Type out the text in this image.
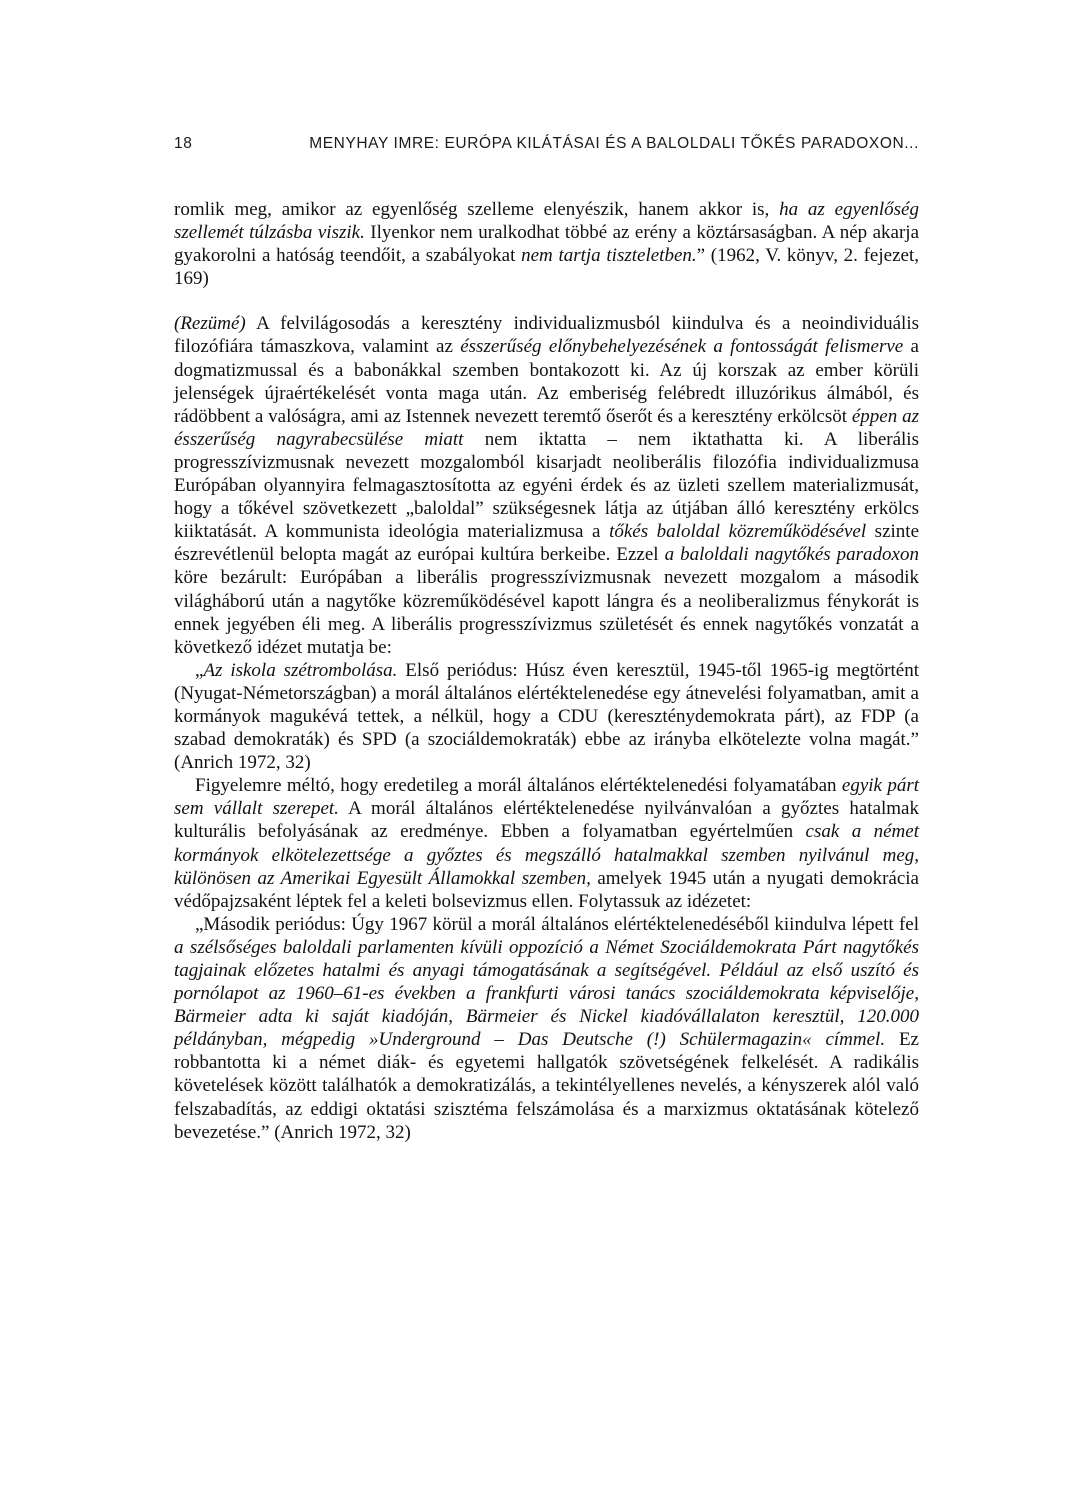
18	MENYHAY IMRE: EURÓPA KILÁTÁSAI ÉS A BALOLDALI TŐKÉS PARADOXON...

romlik meg, amikor az egyenlőség szelleme elenyészik, hanem akkor is, ha az egyenlőség szellemét túlzásba viszik. Ilyenkor nem uralkodhat többé az erény a köztársaságban. A nép akarja gyakorolni a hatóság teendőit, a szabályokat nem tartja tiszteletben.” (1962, V. könyv, 2. fejezet, 169)

(Rezümé) A felvilágosodás a keresztény individualizmusból kiindulva és a neoindividuális filozófiára támaszkova, valamint az ésszerűség előnybehelyezésének a fontosságát felismerve a dogmatizmussal és a babonákkal szemben bontakozott ki. Az új korszak az ember körüli jelenségek újraértékelését vonta maga után. Az emberiség felébredt illuzórikus álmából, és rádöbbent a valóságra, ami az Istennek nevezett teremtő őserőt és a keresztény erkölcsöt éppen az ésszerűség nagyrabecsülése miatt nem iktatta – nem iktathatta ki. A liberális progresszívizmusnak nevezett mozgalomból kisarjadt neoliberális filozófia individualizmusa Európában olyannyira felmagasztosította az egyéni érdek és az üzleti szellem materializmusát, hogy a tőkével szövetkezett „baloldal” szükségesnek látja az útjában álló keresztény erkölcs kiiktatását. A kommunista ideológia materializmusa a tőkés baloldal közreműködésével szinte észrevétlenül belopta magát az európai kultúra berkeibe. Ezzel a baloldali nagytőkés paradoxon köre bezárult: Európában a liberális progresszívizmusnak nevezett mozgalom a második világháború után a nagytőke közreműködésével kapott lángra és a neoliberalizmus fénykorát is ennek jegyében éli meg. A liberális progresszívizmus születését és ennek nagytőkés vonzatát a következő idézet mutatja be:

„Az iskola szétrombolása. Első periódus: Húsz éven keresztül, 1945-től 1965-ig megtörtént (Nyugat-Németországban) a morál általános elértéktelenedése egy átnevelési folyamatban, amit a kormányok magukévá tettek, a nélkül, hogy a CDU (kereszténydemokrata párt), az FDP (a szabad demokraták) és SPD (a szociáldemokraták) ebbe az irányba elkötelezte volna magát.” (Anrich 1972, 32)

Figyelemre méltó, hogy eredetileg a morál általános elértéktelenedési folyamatában egyik párt sem vállalt szerepet. A morál általános elértéktelenedése nyilvánvalóan a győztes hatalmak kulturális befolyásának az eredménye. Ebben a folyamatban egyértelműen csak a német kormányok elkötelezettsége a győztes és megszálló hatalmakkal szemben nyilvánul meg, különösen az Amerikai Egyesült Államokkal szemben, amelyek 1945 után a nyugati demokrácia védőpajzsaként léptek fel a keleti bolsevizmus ellen. Folytassuk az idézetet:

„Második periódus: Úgy 1967 körül a morál általános elértéktelenedéséből kiindulva lépett fel a szélsőséges baloldali parlamenten kívüli oppozíció a Német Szociáldemokrata Párt nagytőkés tagjainak előzetes hatalmi és anyagi támogatásának a segítségével. Például az első uszító és pornólapot az 1960–61-es években a frankfurti városi tanács szociáldemokrata képviselője, Bärmeier adta ki saját kiadóján, Bärmeier és Nickel kiadóvállalaton keresztül, 120.000 példányban, mégpedig »Underground – Das Deutsche (!) Schülermagazin« címmel. Ez robbantotta ki a német diák- és egyetemi hallgatók szövetségének felkelését. A radikális követelések között találhatók a demokratizálás, a tekintélyellenes nevelés, a kényszerek alól való felszabadítás, az eddigi oktatási szisztéma felszámolása és a marxizmus oktatásának kötelező bevezetése.” (Anrich 1972, 32)
